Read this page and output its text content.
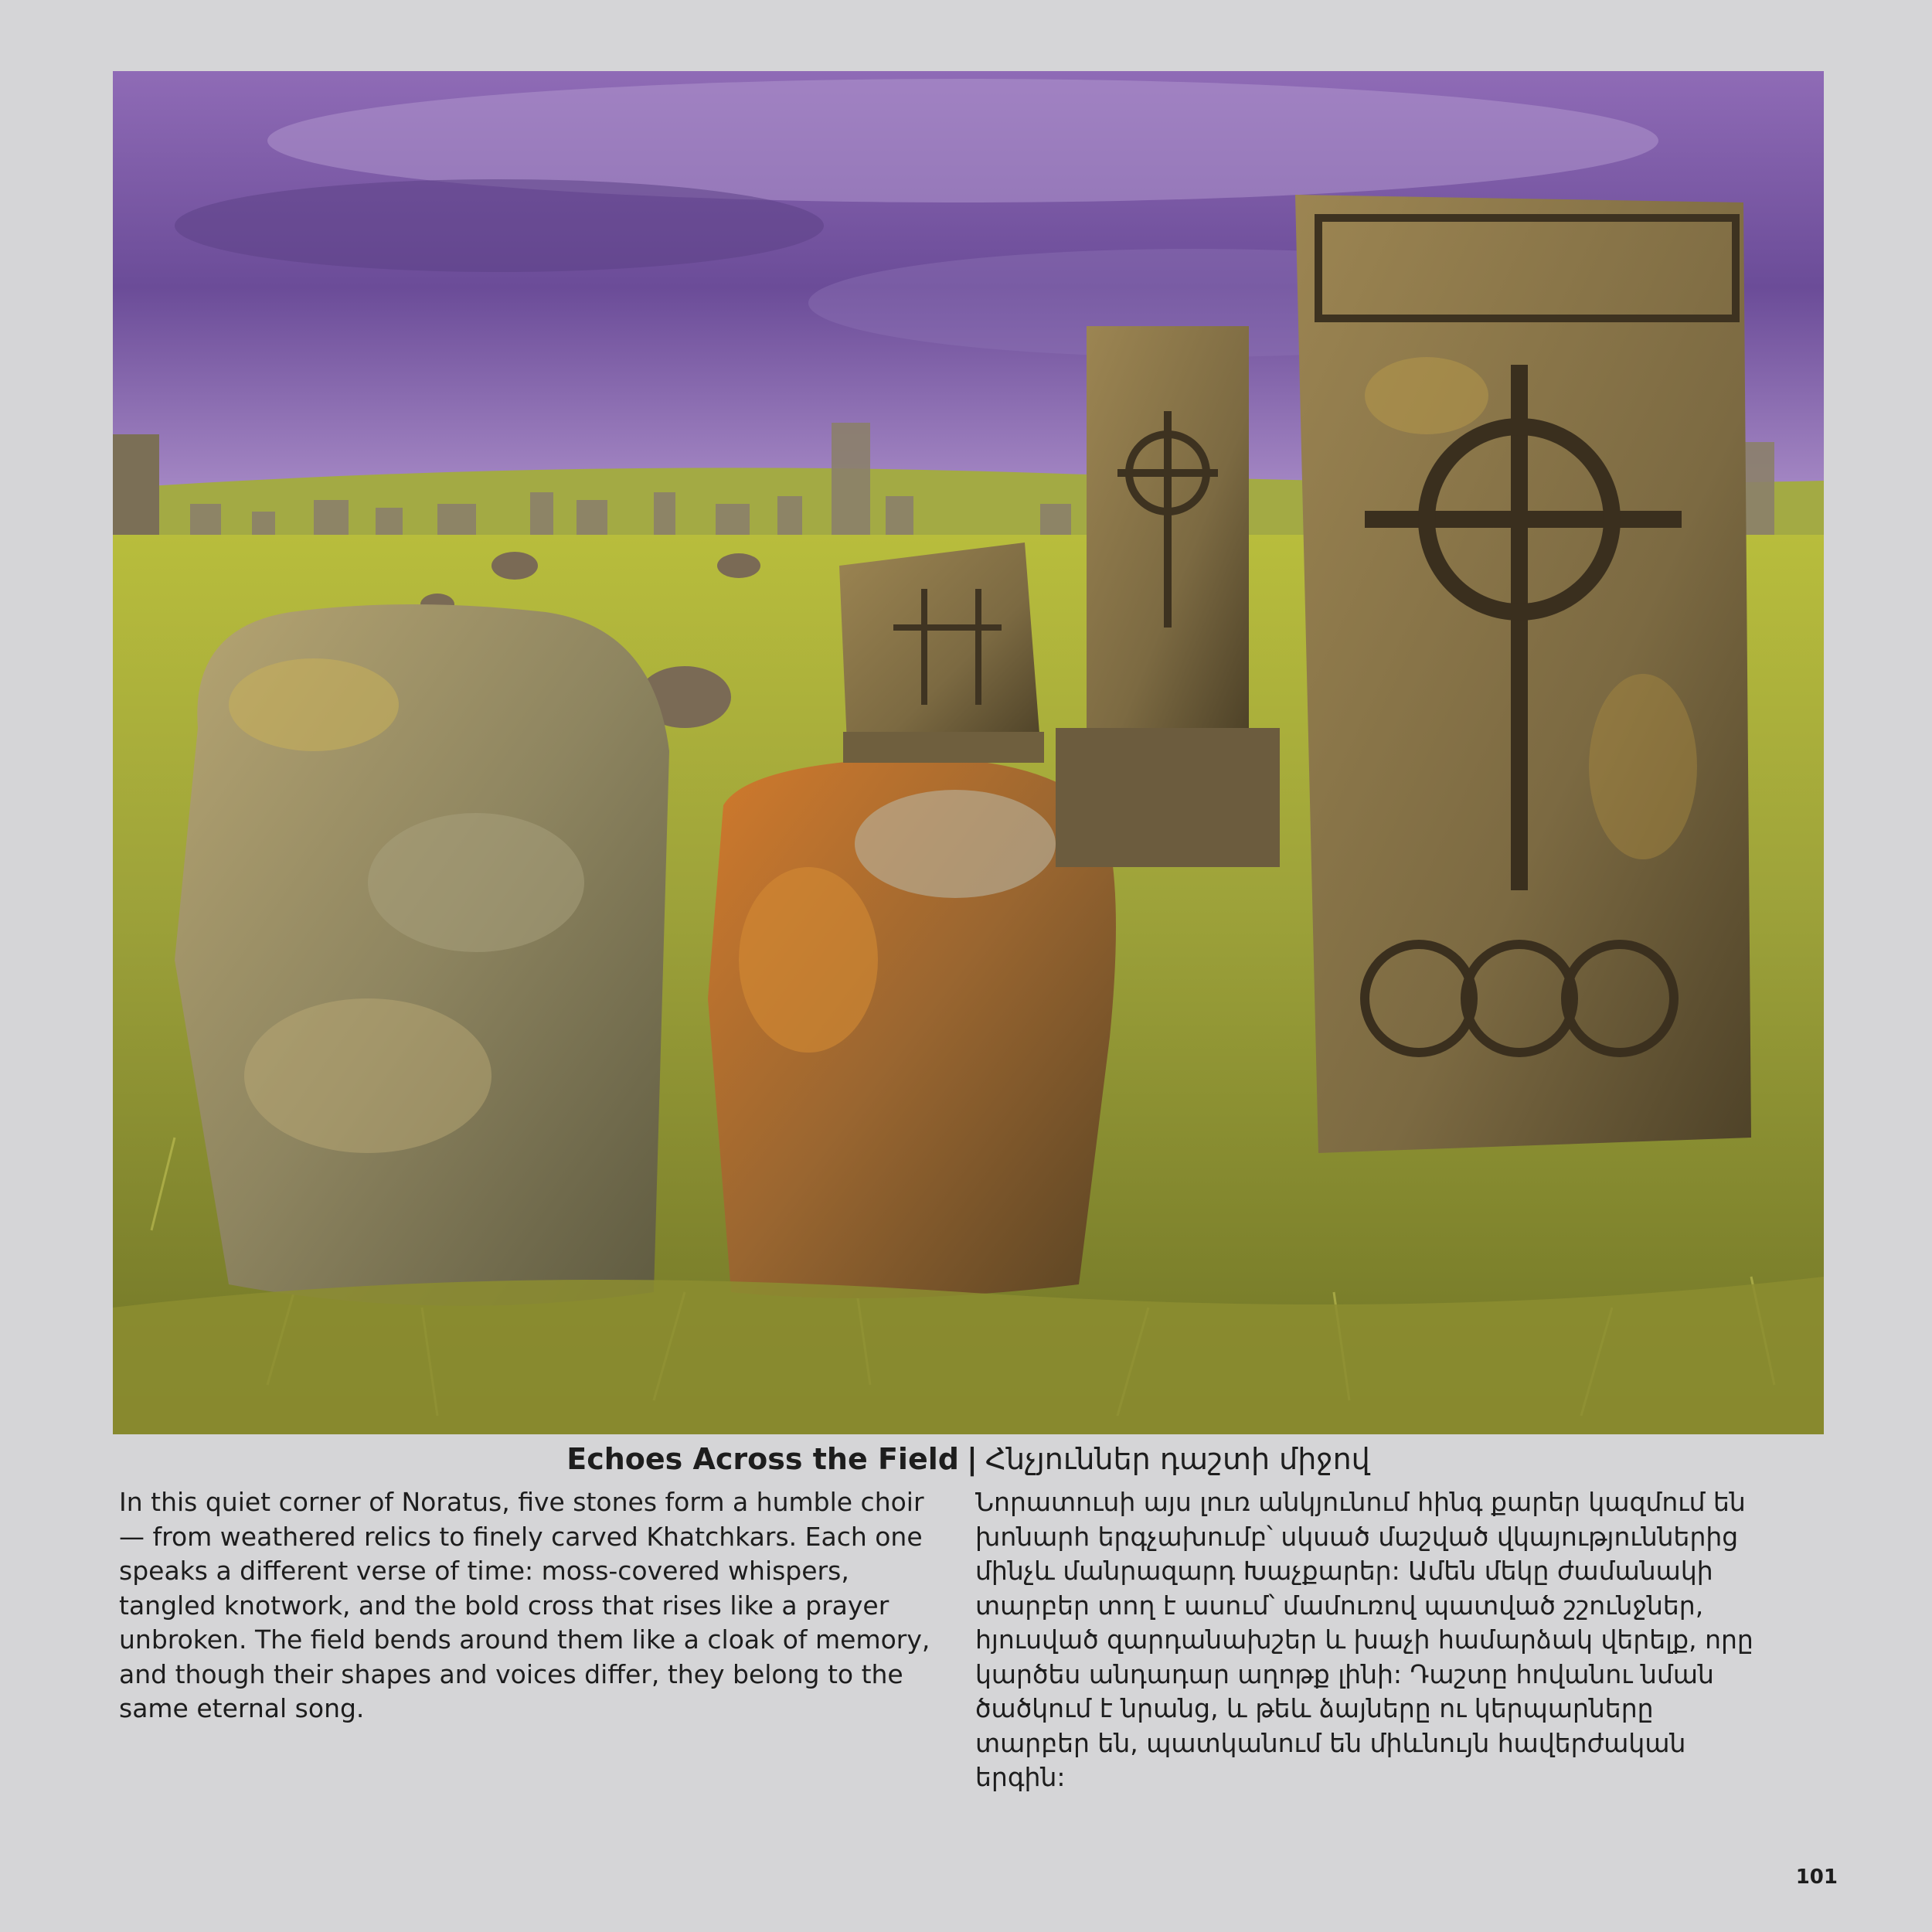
Echoes Across the Field | Հնչյուններ դաշտի միջով

In this quiet corner of Noratus, five stones form a humble choir — from weathered relics to finely carved Khatchkars. Each one speaks a different verse of time: moss-covered whispers, tangled knotwork, and the bold cross that rises like a prayer unbroken. The field bends around them like a cloak of memory, and though their shapes and voices differ, they belong to the same eternal song.

Նորատուսի այս լուռ անկյունում հինգ քարեր կազմում են խոնարհ երգչախումբ՝ սկսած մաշված վկայություններից մինչև մանրազարդ Խաչքարեր: Ամեն մեկը ժամանակի տարբեր տող է ասում՝ մամուռով պատված շշունջներ, հյուսված զարդանախշեր և խաչի համարձակ վերելք, որը կարծես անդադար աղոթք լինի: Դաշտը հովանու նման ծածկում է նրանց, և թեև ձայները ու կերպարները տարբեր են, պատկանում են միևնույն հավերժական երգին:

101
